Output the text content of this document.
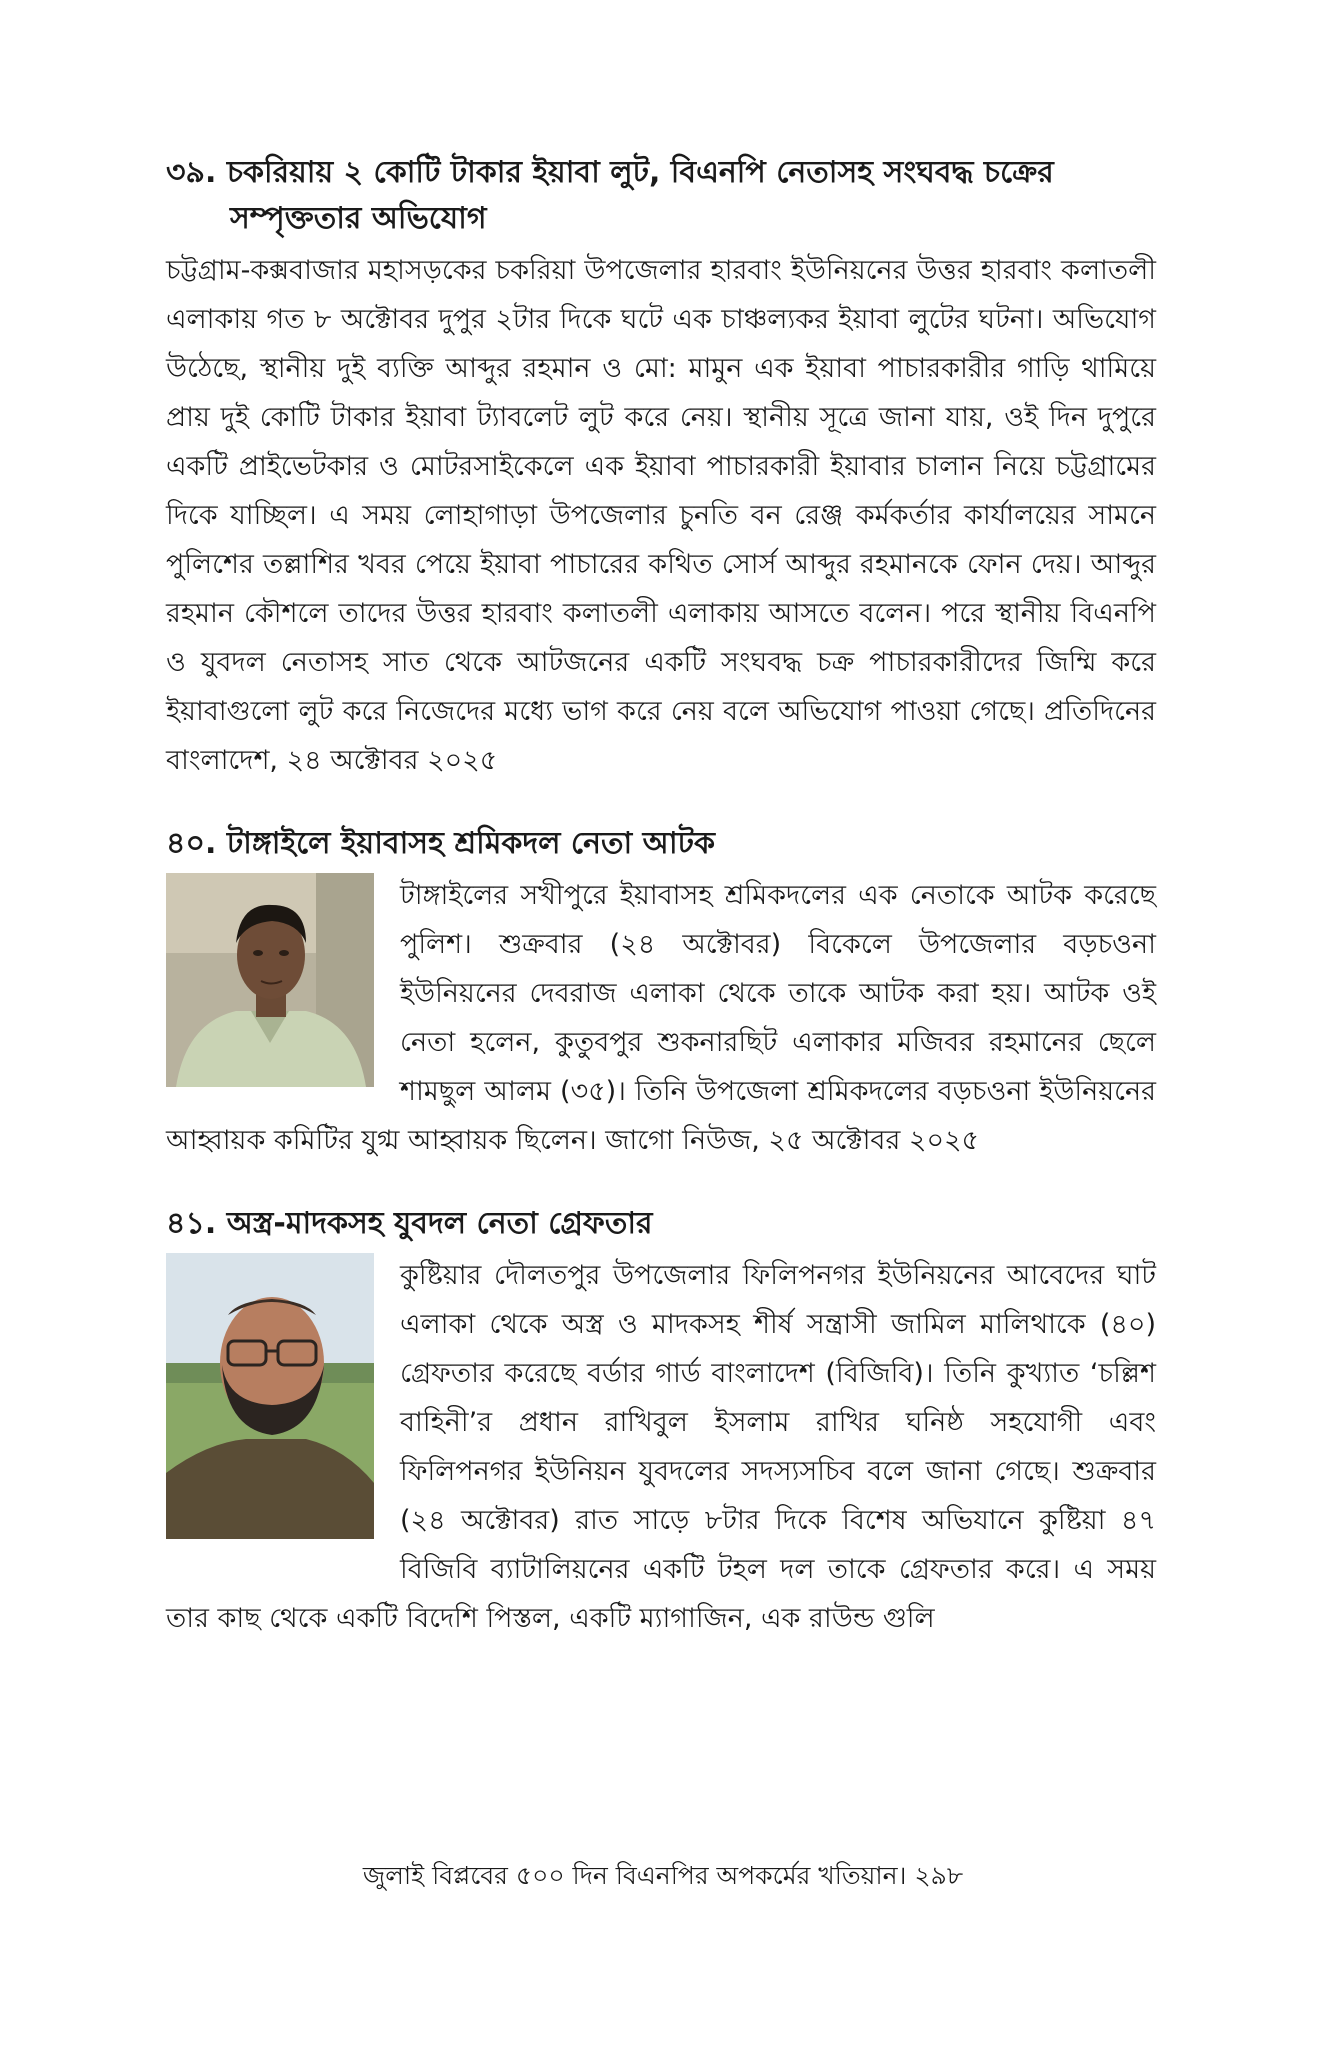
৩৯. চকরিয়ায় ২ কোটি টাকার ইয়াবা লুট, বিএনপি নেতাসহ সংঘবদ্ধ চক্রের
সম্পৃক্ততার অভিযোগ

চট্টগ্রাম-কক্সবাজার মহাসড়কের চকরিয়া উপজেলার হারবাং ইউনিয়নের উত্তর হারবাং কলাতলী এলাকায় গত ৮ অক্টোবর দুপুর ২টার দিকে ঘটে এক চাঞ্চল্যকর ইয়াবা লুটের ঘটনা। অভিযোগ উঠেছে, স্থানীয় দুই ব্যক্তি আব্দুর রহমান ও মো: মামুন এক ইয়াবা পাচারকারীর গাড়ি থামিয়ে প্রায় দুই কোটি টাকার ইয়াবা ট্যাবলেট লুট করে নেয়। স্থানীয় সূত্রে জানা যায়, ওই দিন দুপুরে একটি প্রাইভেটকার ও মোটরসাইকেলে এক ইয়াবা পাচারকারী ইয়াবার চালান নিয়ে চট্টগ্রামের দিকে যাচ্ছিল। এ সময় লোহাগাড়া উপজেলার চুনতি বন রেঞ্জ কর্মকর্তার কার্যালয়ের সামনে পুলিশের তল্লাশির খবর পেয়ে ইয়াবা পাচারের কথিত সোর্স আব্দুর রহমানকে ফোন দেয়। আব্দুর রহমান কৌশলে তাদের উত্তর হারবাং কলাতলী এলাকায় আসতে বলেন। পরে স্থানীয় বিএনপি ও যুবদল নেতাসহ সাত থেকে আটজনের একটি সংঘবদ্ধ চক্র পাচারকারীদের জিম্মি করে ইয়াবাগুলো লুট করে নিজেদের মধ্যে ভাগ করে নেয় বলে অভিযোগ পাওয়া গেছে। প্রতিদিনের বাংলাদেশ, ২৪ অক্টোবর ২০২৫

৪০. টাঙ্গাইলে ইয়াবাসহ শ্রমিকদল নেতা আটক

টাঙ্গাইলের সখীপুরে ইয়াবাসহ শ্রমিকদলের এক নেতাকে আটক করেছে পুলিশ। শুক্রবার (২৪ অক্টোবর) বিকেলে উপজেলার বড়চওনা ইউনিয়নের দেবরাজ এলাকা থেকে তাকে আটক করা হয়। আটক ওই নেতা হলেন, কুতুবপুর শুকনারছিট এলাকার মজিবর রহমানের ছেলে শামছুল আলম (৩৫)। তিনি উপজেলা শ্রমিকদলের বড়চওনা ইউনিয়নের আহ্বায়ক কমিটির যুগ্ম আহ্বায়ক ছিলেন। জাগো নিউজ, ২৫ অক্টোবর ২০২৫

৪১. অস্ত্র-মাদকসহ যুবদল নেতা গ্রেফতার

কুষ্টিয়ার দৌলতপুর উপজেলার ফিলিপনগর ইউনিয়নের আবেদের ঘাট এলাকা থেকে অস্ত্র ও মাদকসহ শীর্ষ সন্ত্রাসী জামিল মালিথাকে (৪০) গ্রেফতার করেছে বর্ডার গার্ড বাংলাদেশ (বিজিবি)। তিনি কুখ্যাত ‘চল্লিশ বাহিনী’র প্রধান রাখিবুল ইসলাম রাখির ঘনিষ্ঠ সহযোগী এবং ফিলিপনগর ইউনিয়ন যুবদলের সদস্যসচিব বলে জানা গেছে। শুক্রবার (২৪ অক্টোবর) রাত সাড়ে ৮টার দিকে বিশেষ অভিযানে কুষ্টিয়া ৪৭ বিজিবি ব্যাটালিয়নের একটি টহল দল তাকে গ্রেফতার করে। এ সময় তার কাছ থেকে একটি বিদেশি পিস্তল, একটি ম্যাগাজিন, এক রাউন্ড গুলি

জুলাই বিপ্লবের ৫০০ দিন বিএনপির অপকর্মের খতিয়ান। ২৯৮
